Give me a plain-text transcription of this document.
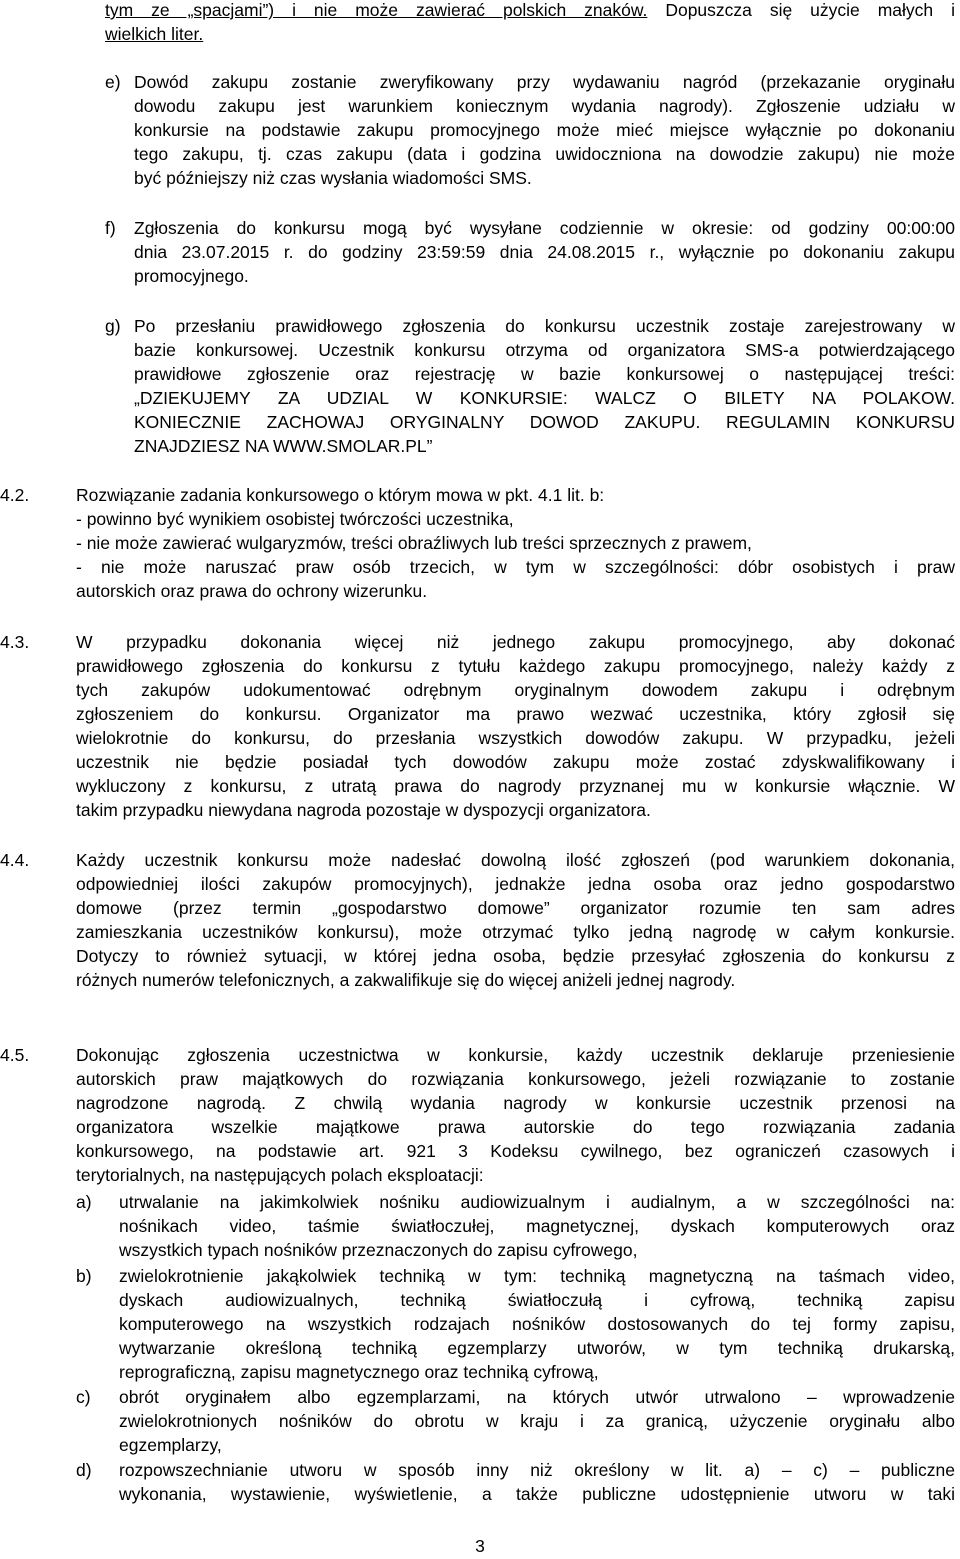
tym ze „spacjami”) i nie może zawierać polskich znaków. Dopuszcza się użycie małych i
wielkich liter.
e) Dowód zakupu zostanie zweryfikowany przy wydawaniu nagród (przekazanie oryginału
dowodu zakupu jest warunkiem koniecznym wydania nagrody). Zgłoszenie udziału w
konkursie na podstawie zakupu promocyjnego może mieć miejsce wyłącznie po dokonaniu
tego zakupu, tj. czas zakupu (data i godzina uwidoczniona na dowodzie zakupu) nie może
być późniejszy niż czas wysłania wiadomości SMS.
f) Zgłoszenia do konkursu mogą być wysyłane codziennie w okresie: od godziny 00:00:00
dnia 23.07.2015 r. do godziny 23:59:59 dnia 24.08.2015 r., wyłącznie po dokonaniu zakupu
promocyjnego.
g) Po przesłaniu prawidłowego zgłoszenia do konkursu uczestnik zostaje zarejestrowany w
bazie konkursowej. Uczestnik konkursu otrzyma od organizatora SMS-a potwierdzającego
prawidłowe zgłoszenie oraz rejestrację w bazie konkursowej o następującej treści:
„DZIEKUJEMY ZA UDZIAL W KONKURSIE: WALCZ O BILETY NA POLAKOW.
KONIECZNIE ZACHOWAJ ORYGINALNY DOWOD ZAKUPU. REGULAMIN KONKURSU
ZNAJDZIESZ NA WWW.SMOLAR.PL”
4.2.	Rozwiązanie zadania konkursowego o którym mowa w pkt. 4.1 lit. b:
- powinno być wynikiem osobistej twórczości uczestnika,
- nie może zawierać wulgaryzmów, treści obraźliwych lub treści sprzecznych z prawem,
- nie może naruszać praw osób trzecich, w tym w szczególności: dóbr osobistych i praw
autorskich oraz prawa do ochrony wizerunku.
4.3.	W przypadku dokonania więcej niż jednego zakupu promocyjnego, aby dokonać
prawidłowego zgłoszenia do konkursu z tytułu każdego zakupu promocyjnego, należy każdy z
tych zakupów udokumentować odrębnym oryginalnym dowodem zakupu i odrębnym
zgłoszeniem do konkursu. Organizator ma prawo wezwać uczestnika, który zgłosił się
wielokrotnie do konkursu, do przesłania wszystkich dowodów zakupu. W przypadku, jeżeli
uczestnik nie będzie posiadał tych dowodów zakupu może zostać zdyskwalifikowany i
wykluczony z konkursu, z utratą prawa do nagrody przyznanej mu w konkursie włącznie. W
takim przypadku niewydana nagroda pozostaje w dyspozycji organizatora.
4.4.	Każdy uczestnik konkursu może nadesłać dowolną ilość zgłoszeń (pod warunkiem dokonania,
odpowiedniej ilości zakupów promocyjnych), jednakże jedna osoba oraz jedno gospodarstwo
domowe (przez termin „gospodarstwo domowe” organizator rozumie ten sam adres
zamieszkania uczestników konkursu), może otrzymać tylko jedną nagrodę w całym konkursie.
Dotyczy to również sytuacji, w której jedna osoba, będzie przesyłać zgłoszenia do konkursu z
różnych numerów telefonicznych, a zakwalifikuje się do więcej aniżeli jednej nagrody.
4.5.	Dokonując zgłoszenia uczestnictwa w konkursie, każdy uczestnik deklaruje przeniesienie
autorskich praw majątkowych do rozwiązania konkursowego, jeżeli rozwiązanie to zostanie
nagrodzone nagrodą. Z chwilą wydania nagrody w konkursie uczestnik przenosi na
organizatora wszelkie majątkowe prawa autorskie do tego rozwiązania zadania
konkursowego, na podstawie art. 921 3 Kodeksu cywilnego, bez ograniczeń czasowych i
terytorialnych, na następujących polach eksploatacji:
a) utrwalanie na jakimkolwiek nośniku audiowizualnym i audialnym, a w szczególności na:
nośnikach video, taśmie światłoczułej, magnetycznej, dyskach komputerowych oraz
wszystkich typach nośników przeznaczonych do zapisu cyfrowego,
b) zwielokrotnienie jakąkolwiek techniką w tym: techniką magnetyczną na taśmach video,
dyskach audiowizualnych, techniką światłoczułą i cyfrową, techniką zapisu
komputerowego na wszystkich rodzajach nośników dostosowanych do tej formy zapisu,
wytwarzanie określoną techniką egzemplarzy utworów, w tym techniką drukarską,
reprograficzną, zapisu magnetycznego oraz techniką cyfrową,
c) obrót oryginałem albo egzemplarzami, na których utwór utrwalono – wprowadzenie
zwielokrotnionych nośników do obrotu w kraju i za granicą, użyczenie oryginału albo
egzemplarzy,
d) rozpowszechnianie utworu w sposób inny niż określony w lit. a) – c) – publiczne
wykonania, wystawienie, wyświetlenie, a także publiczne udostępnienie utworu w taki
3
